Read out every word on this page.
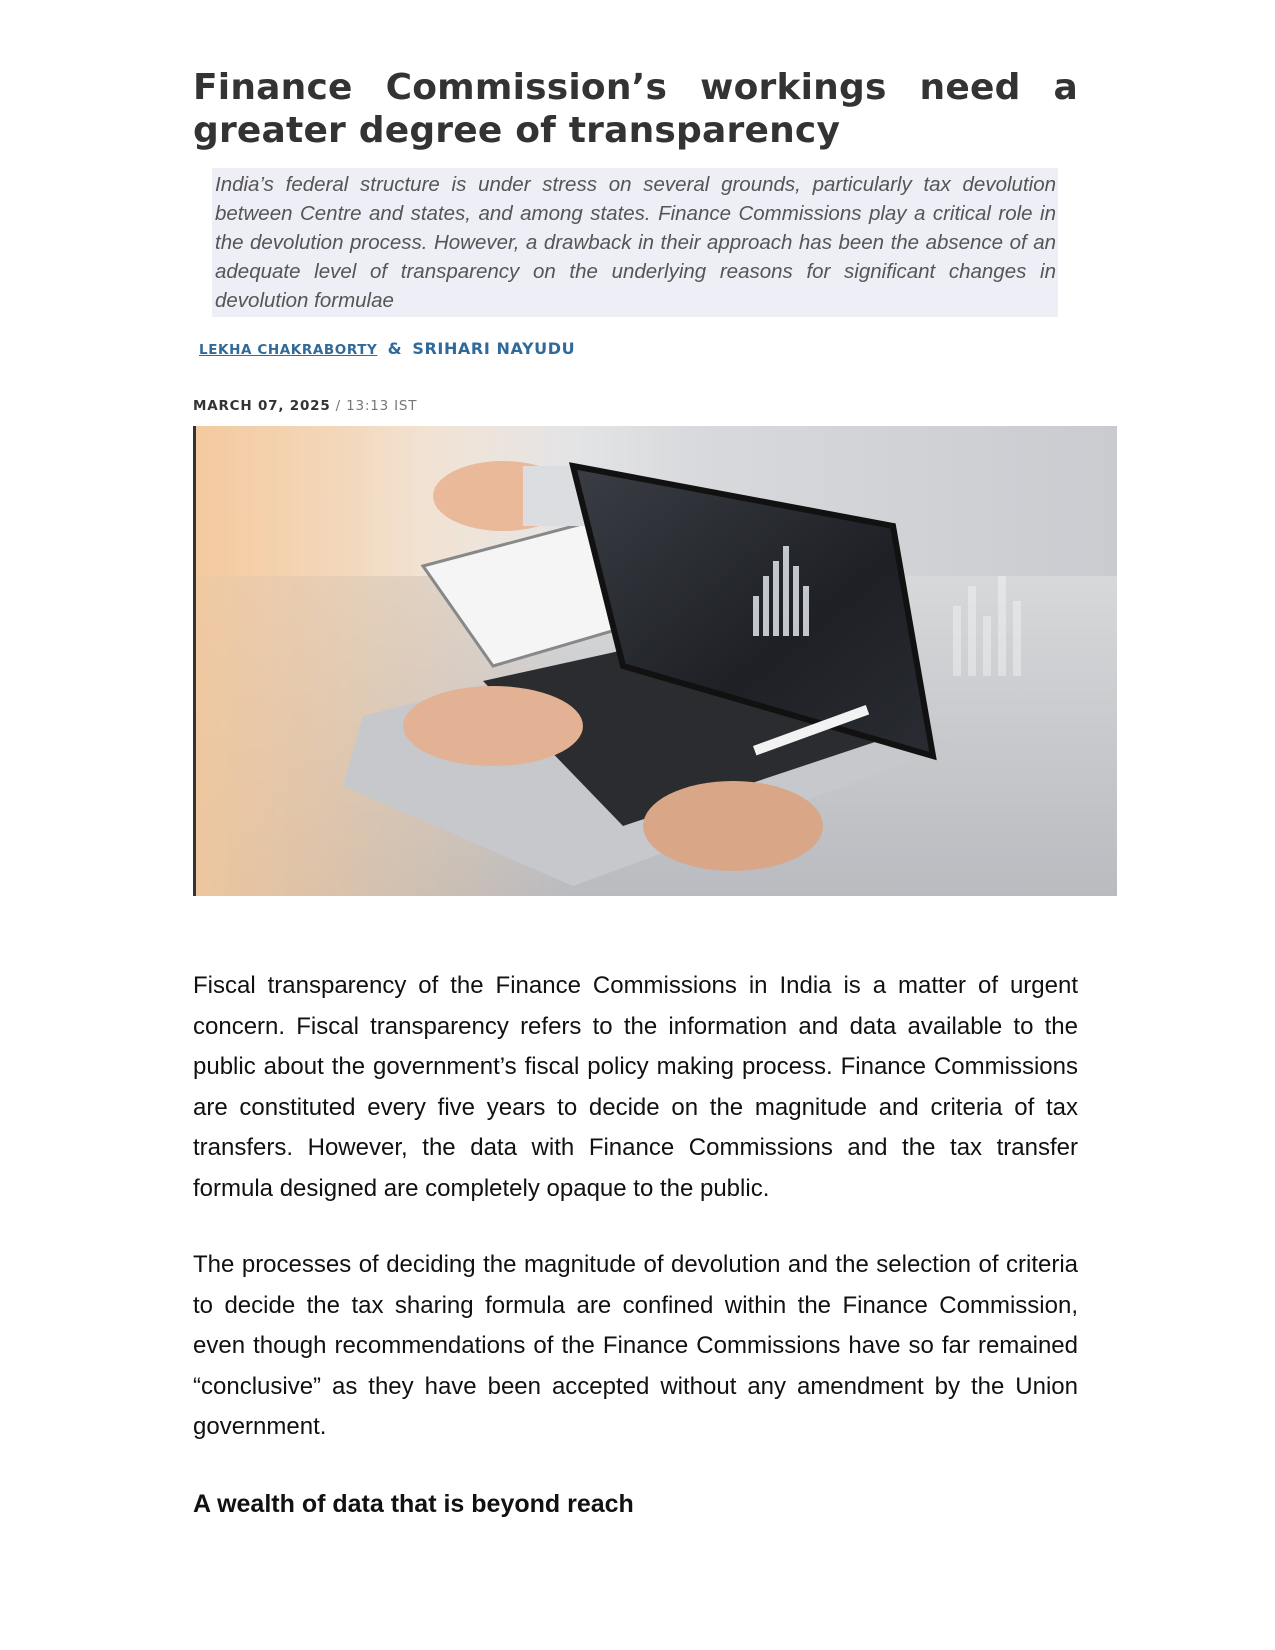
Finance Commission’s workings need a greater degree of transparency
India’s federal structure is under stress on several grounds, particularly tax devolution between Centre and states, and among states. Finance Commissions play a critical role in the devolution process. However, a drawback in their approach has been the absence of an adequate level of transparency on the underlying reasons for significant changes in devolution formulae
LEKHA CHAKRABORTY & SRIHARI NAYUDU
MARCH 07, 2025 / 13:13 IST

Fiscal transparency of the Finance Commissions in India is a matter of urgent concern. Fiscal transparency refers to the information and data available to the public about the government’s fiscal policy making process. Finance Commissions are constituted every five years to decide on the magnitude and criteria of tax transfers. However, the data with Finance Commissions and the tax transfer formula designed are completely opaque to the public.

The processes of deciding the magnitude of devolution and the selection of criteria to decide the tax sharing formula are confined within the Finance Commission, even though recommendations of the Finance Commissions have so far remained “conclusive” as they have been accepted without any amendment by the Union government.

A wealth of data that is beyond reach
